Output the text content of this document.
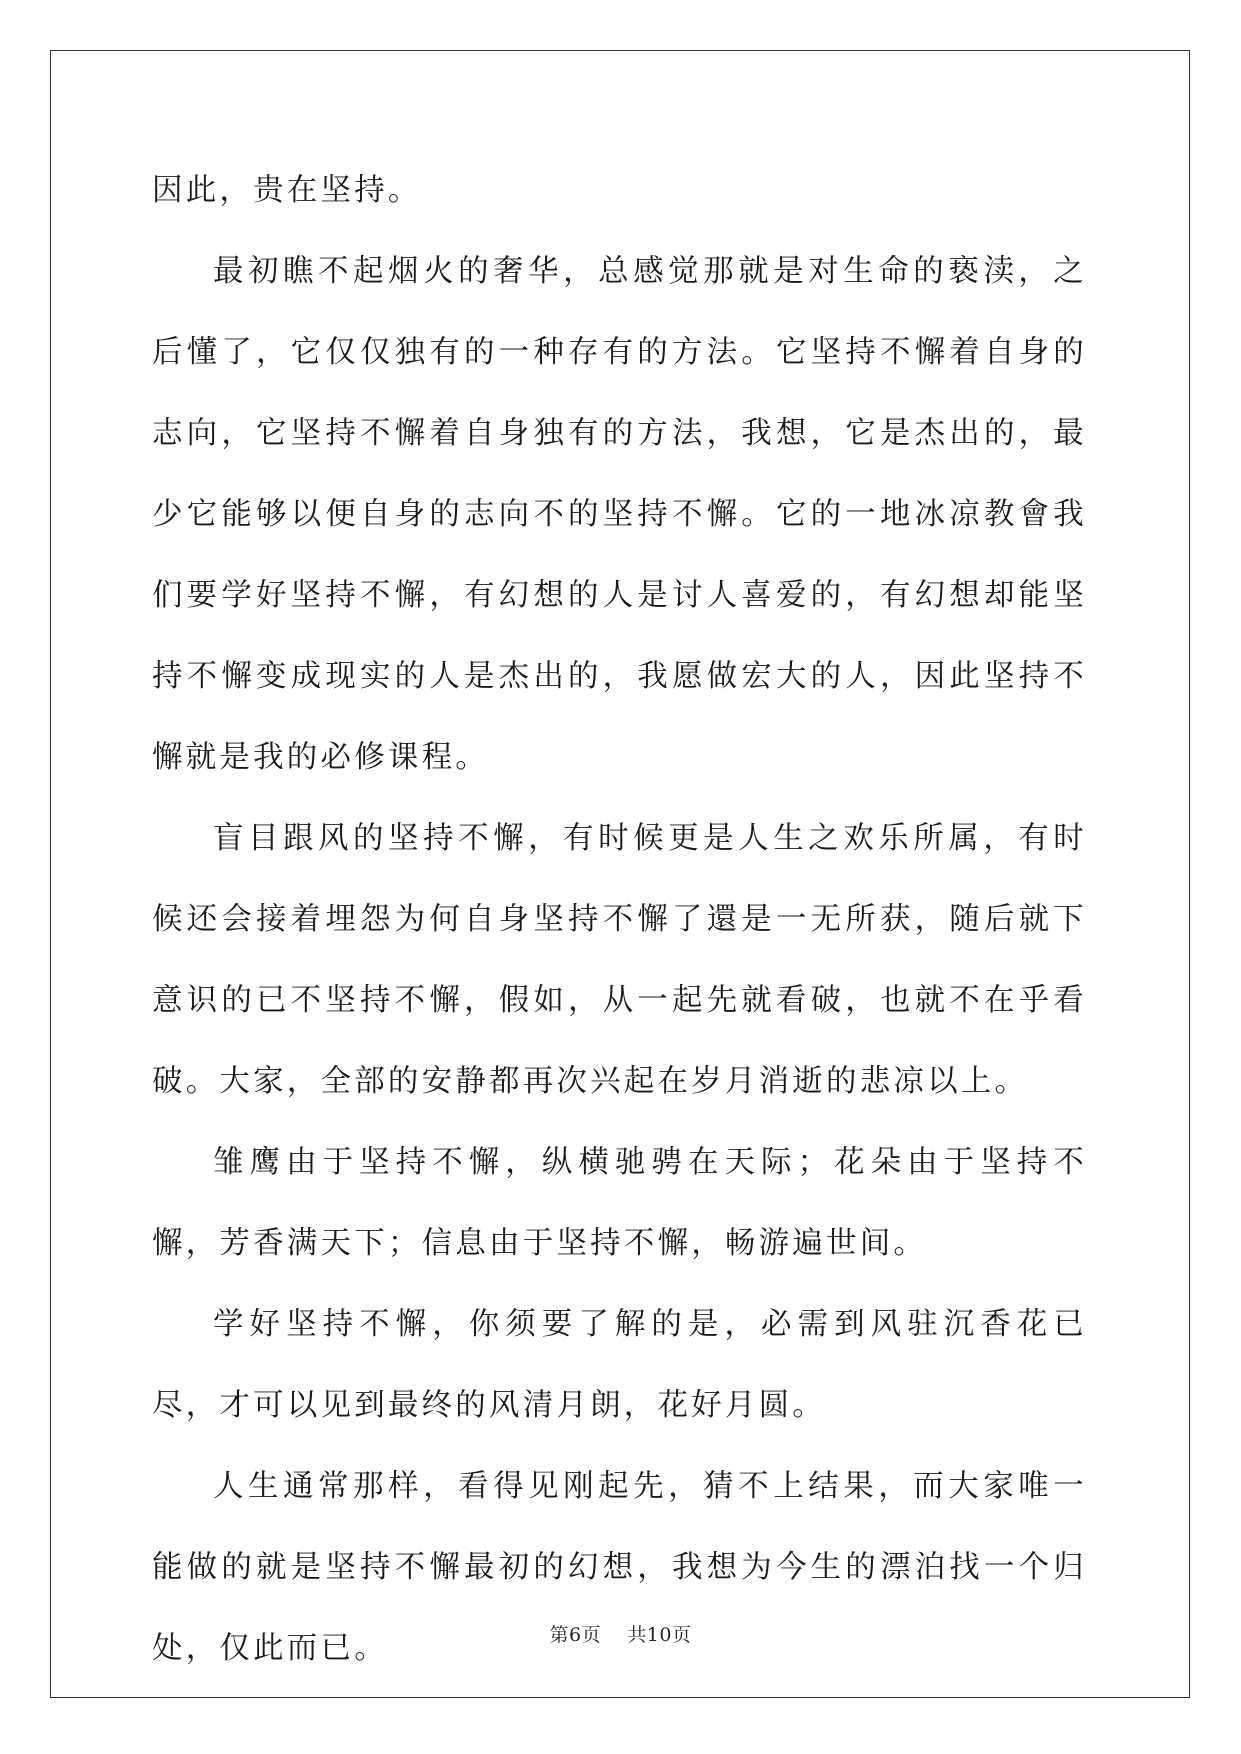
因此，贵在坚持。

最初瞧不起烟火的奢华，总感觉那就是对生命的亵渎，之后懂了，它仅仅独有的一种存有的方法。它坚持不懈着自身的志向，它坚持不懈着自身独有的方法，我想，它是杰出的，最少它能够以便自身的志向不的坚持不懈。它的一地冰凉教會我们要学好坚持不懈，有幻想的人是讨人喜爱的，有幻想却能坚持不懈变成现实的人是杰出的，我愿做宏大的人，因此坚持不懈就是我的必修课程。

盲目跟风的坚持不懈，有时候更是人生之欢乐所属，有时候还会接着埋怨为何自身坚持不懈了還是一无所获，随后就下意识的已不坚持不懈，假如，从一起先就看破，也就不在乎看破。大家，全部的安静都再次兴起在岁月消逝的悲凉以上。

雏鹰由于坚持不懈，纵横驰骋在天际；花朵由于坚持不懈，芳香满天下；信息由于坚持不懈，畅游遍世间。

学好坚持不懈，你须要了解的是，必需到风驻沉香花已尽，才可以见到最终的风清月朗，花好月圆。

人生通常那样，看得见刚起先，猜不上结果，而大家唯一能做的就是坚持不懈最初的幻想，我想为今生的漂泊找一个归处，仅此而已。	第6页 共10页
